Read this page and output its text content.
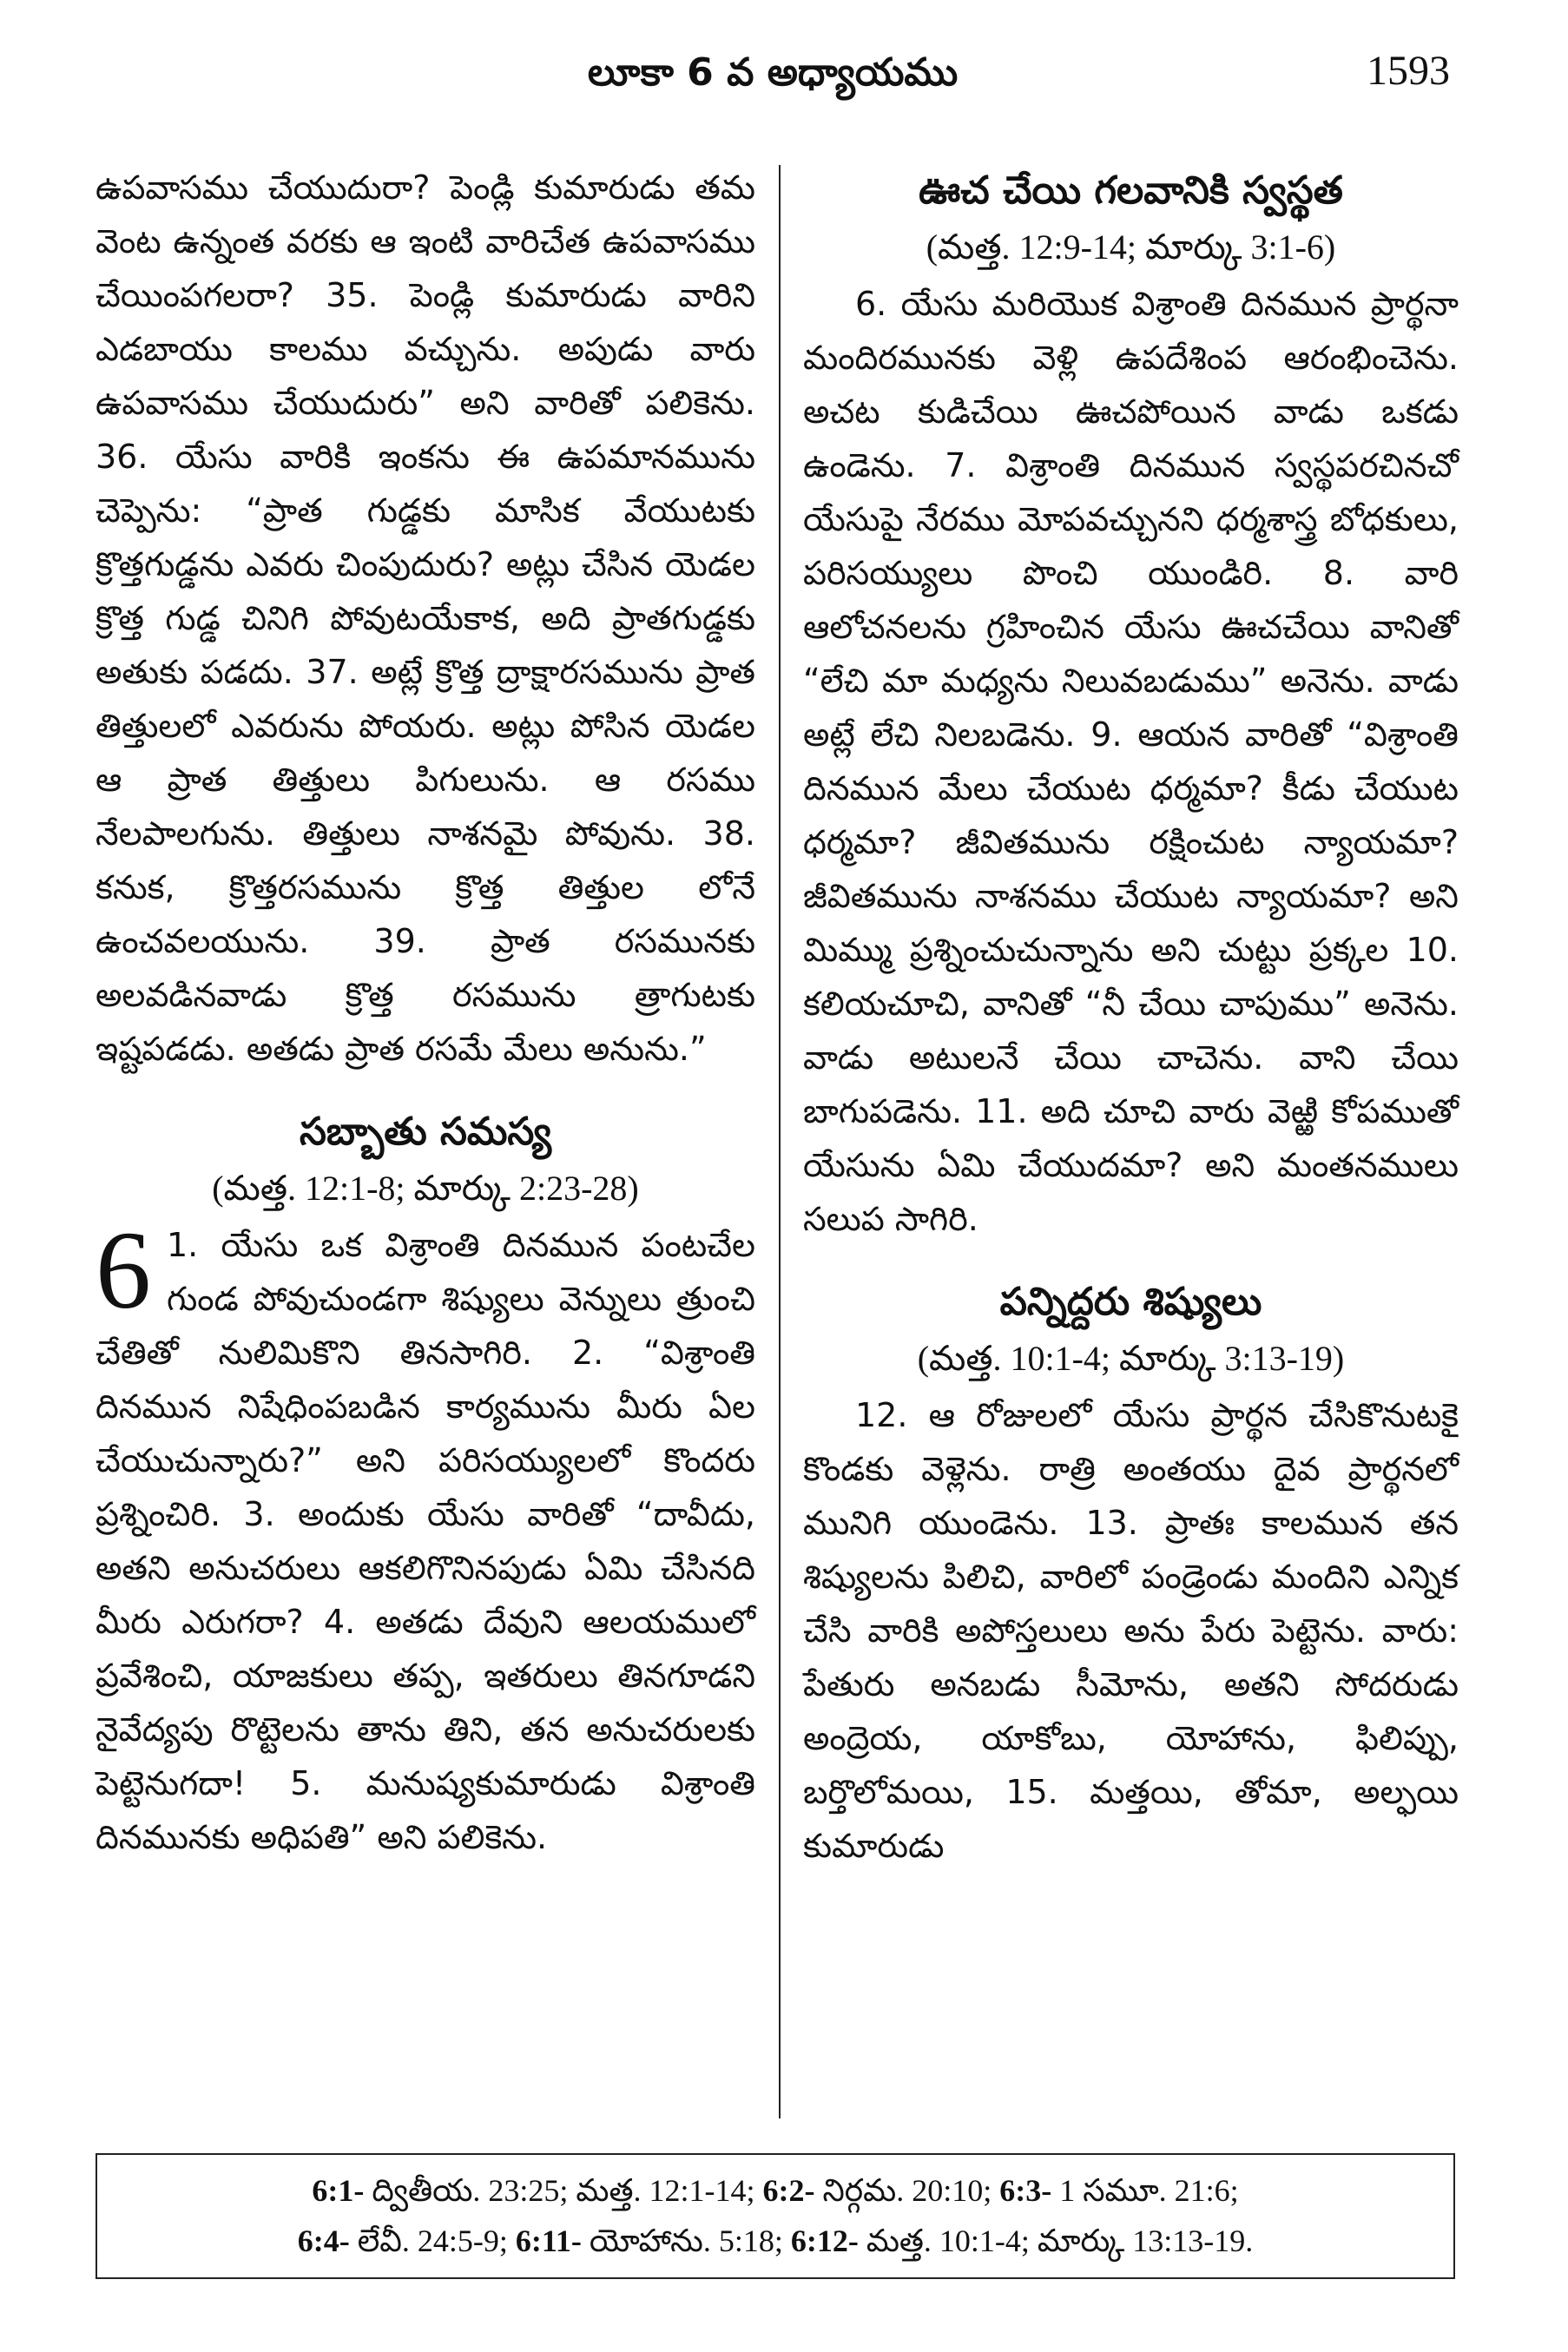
లూకా 6 వ అధ్యాయము	1593

ఉపవాసము చేయుదురా? పెండ్లి కుమారుడు తమ వెంట ఉన్నంత వరకు ఆ ఇంటి వారిచేత ఉపవాసము చేయింపగలరా? 35. పెండ్లి కుమారుడు వారిని ఎడబాయు కాలము వచ్చును. అపుడు వారు ఉపవాసము చేయుదురు” అని వారితో పలికెను. 36. యేసు వారికి ఇంకను ఈ ఉపమానమును చెప్పెను: “ప్రాత గుడ్డకు మాసిక వేయుటకు క్రొత్తగుడ్డను ఎవరు చింపుదురు? అట్లు చేసిన యెడల క్రొత్త గుడ్డ చినిగి పోవుటయేకాక, అది ప్రాతగుడ్డకు అతుకు పడదు. 37. అట్లే క్రొత్త ద్రాక్షారసమును ప్రాత తిత్తులలో ఎవరును పోయరు. అట్లు పోసిన యెడల ఆ ప్రాత తిత్తులు పిగులును. ఆ రసము నేలపాలగును. తిత్తులు నాశనమై పోవును. 38. కనుక, క్రొత్తరసమును క్రొత్త తిత్తుల లోనే ఉంచవలయును. 39. ప్రాత రసమునకు అలవడినవాడు క్రొత్త రసమును త్రాగుటకు ఇష్టపడడు. అతడు ప్రాత రసమే మేలు అనును.”

సబ్బాతు సమస్య
(మత్త. 12:1-8; మార్కు 2:23-28)
6 1. యేసు ఒక విశ్రాంతి దినమున పంటచేల గుండ పోవుచుండగా శిష్యులు వెన్నులు త్రుంచి చేతితో నులిమికొని తినసాగిరి. 2. “విశ్రాంతి దినమున నిషేధింపబడిన కార్యమును మీరు ఏల చేయుచున్నారు?” అని పరిసయ్యులలో కొందరు ప్రశ్నించిరి. 3. అందుకు యేసు వారితో “దావీదు, అతని అనుచరులు ఆకలిగొనినపుడు ఏమి చేసినది మీరు ఎరుగరా? 4. అతడు దేవుని ఆలయములో ప్రవేశించి, యాజకులు తప్ప, ఇతరులు తినగూడని నైవేద్యపు రొట్టెలను తాను తిని, తన అనుచరులకు పెట్టెనుగదా! 5. మనుష్యకుమారుడు విశ్రాంతి దినమునకు అధిపతి” అని పలికెను.

ఊచ చేయి గలవానికి స్వస్థత
(మత్త. 12:9-14; మార్కు 3:1-6)

6. యేసు మరియొక విశ్రాంతి దినమున ప్రార్థనా మందిరమునకు వెళ్లి ఉపదేశింప ఆరంభించెను. అచట కుడిచేయి ఊచపోయిన వాడు ఒకడు ఉండెను. 7. విశ్రాంతి దినమున స్వస్థపరచినచో యేసుపై నేరము మోపవచ్చునని ధర్మశాస్త్ర బోధకులు, పరిసయ్యులు పొంచి యుండిరి. 8. వారి ఆలోచనలను గ్రహించిన యేసు ఊచచేయి వానితో “లేచి మా మధ్యను నిలువబడుము” అనెను. వాడు అట్లే లేచి నిలబడెను. 9. ఆయన వారితో “విశ్రాంతి దినమున మేలు చేయుట ధర్మమా? కీడు చేయుట ధర్మమా? జీవితమును రక్షించుట న్యాయమా? జీవితమును నాశనము చేయుట న్యాయమా? అని మిమ్ము ప్రశ్నించుచున్నాను అని చుట్టు ప్రక్కల 10. కలియచూచి, వానితో “నీ చేయి చాపుము” అనెను. వాడు అటులనే చేయి చాచెను. వాని చేయి బాగుపడెను. 11. అది చూచి వారు వెఱ్ఱి కోపముతో యేసును ఏమి చేయుదమా? అని మంతనములు సలుప సాగిరి.

పన్నిద్దరు శిష్యులు
(మత్త. 10:1-4; మార్కు 3:13-19)

12. ఆ రోజులలో యేసు ప్రార్థన చేసికొనుటకై కొండకు వెళ్లెను. రాత్రి అంతయు దైవ ప్రార్థనలో మునిగి యుండెను. 13. ప్రాతః కాలమున తన శిష్యులను పిలిచి, వారిలో పండ్రెండు మందిని ఎన్నిక చేసి వారికి అపోస్తలులు అను పేరు పెట్టెను. వారు: పేతురు అనబడు సీమోను, అతని సోదరుడు అంద్రెయ, యాకోబు, యోహాను, ఫిలిప్పు, బర్తొలోమయి, 15. మత్తయి, తోమా, అల్ఫయి కుమారుడు

6:1- ద్వితీయ. 23:25; మత్త. 12:1-14; 6:2- నిర్గమ. 20:10; 6:3- 1 సమూ. 21:6;
6:4- లేవీ. 24:5-9; 6:11- యోహాను. 5:18; 6:12- మత్త. 10:1-4; మార్కు 13:13-19.
